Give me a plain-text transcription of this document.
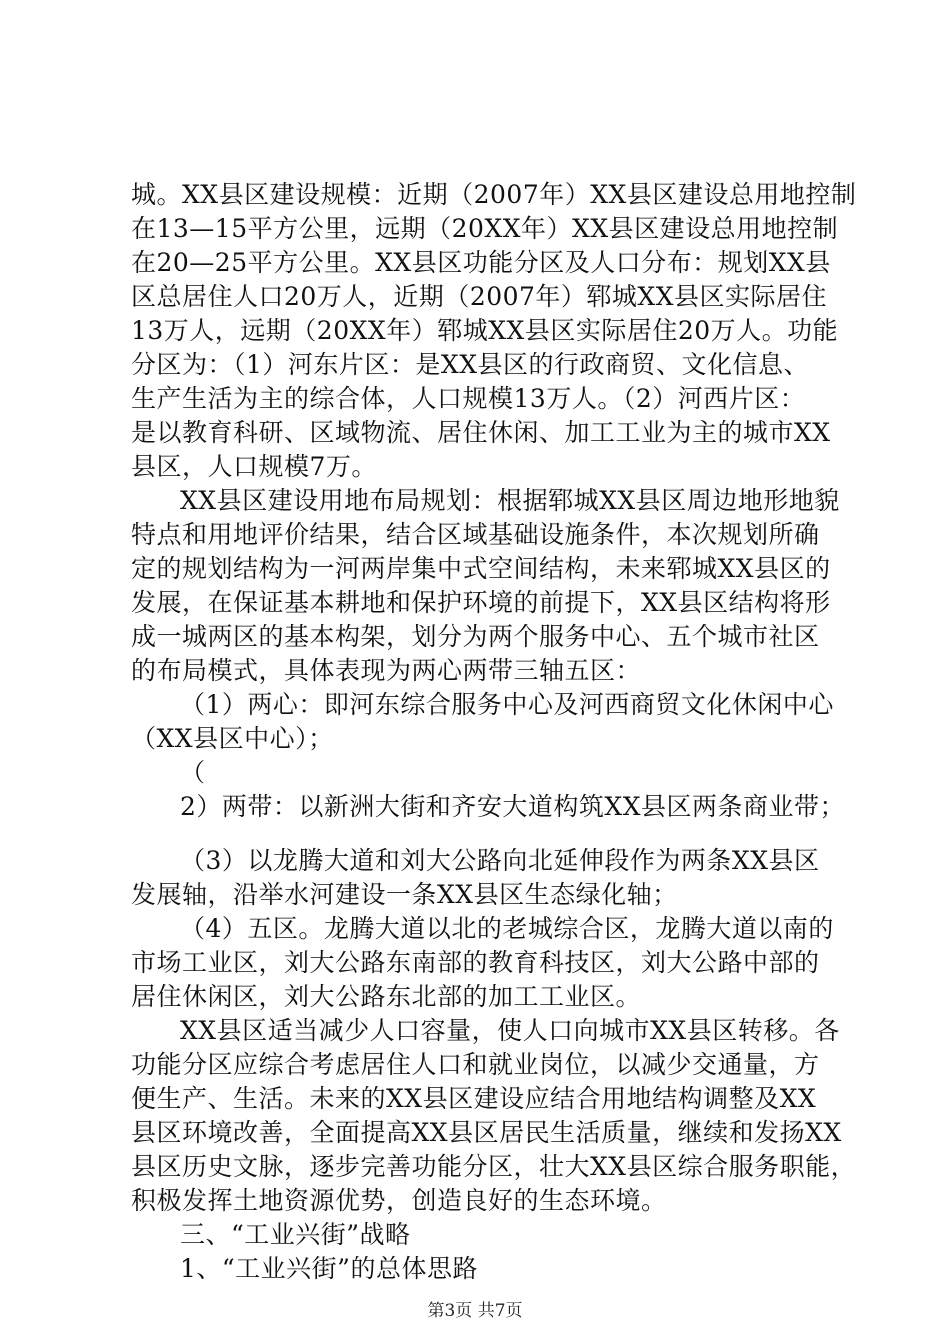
城。XX县区建设规模：近期（2007年）XX县区建设总用地控制
在13—15平方公里，远期（20XX年）XX县区建设总用地控制
在20—25平方公里。XX县区功能分区及人口分布：规划XX县
区总居住人口20万人，近期（2007年）郓城XX县区实际居住
13万人，远期（20XX年）郓城XX县区实际居住20万人。功能
分区为：（1）河东片区：是XX县区的行政商贸、文化信息、
生产生活为主的综合体，人口规模13万人。（2）河西片区：
是以教育科研、区域物流、居住休闲、加工工业为主的城市XX
县区，人口规模7万。
XX县区建设用地布局规划：根据郓城XX县区周边地形地貌
特点和用地评价结果，结合区域基础设施条件，本次规划所确
定的规划结构为一河两岸集中式空间结构，未来郓城XX县区的
发展，在保证基本耕地和保护环境的前提下，XX县区结构将形
成一城两区的基本构架，划分为两个服务中心、五个城市社区
的布局模式，具体表现为两心两带三轴五区：
（1）两心：即河东综合服务中心及河西商贸文化休闲中心
（XX县区中心）；
（
2）两带：以新洲大街和齐安大道构筑XX县区两条商业带；
（3）以龙腾大道和刘大公路向北延伸段作为两条XX县区
发展轴，沿举水河建设一条XX县区生态绿化轴；
（4）五区。龙腾大道以北的老城综合区，龙腾大道以南的
市场工业区，刘大公路东南部的教育科技区，刘大公路中部的
居住休闲区，刘大公路东北部的加工工业区。
XX县区适当减少人口容量，使人口向城市XX县区转移。各
功能分区应综合考虑居住人口和就业岗位，以减少交通量，方
便生产、生活。未来的XX县区建设应结合用地结构调整及XX
县区环境改善，全面提高XX县区居民生活质量，继续和发扬XX
县区历史文脉，逐步完善功能分区，壮大XX县区综合服务职能，
积极发挥土地资源优势，创造良好的生态环境。
三、“工业兴街”战略
1、“工业兴街”的总体思路
第3页 共7页
